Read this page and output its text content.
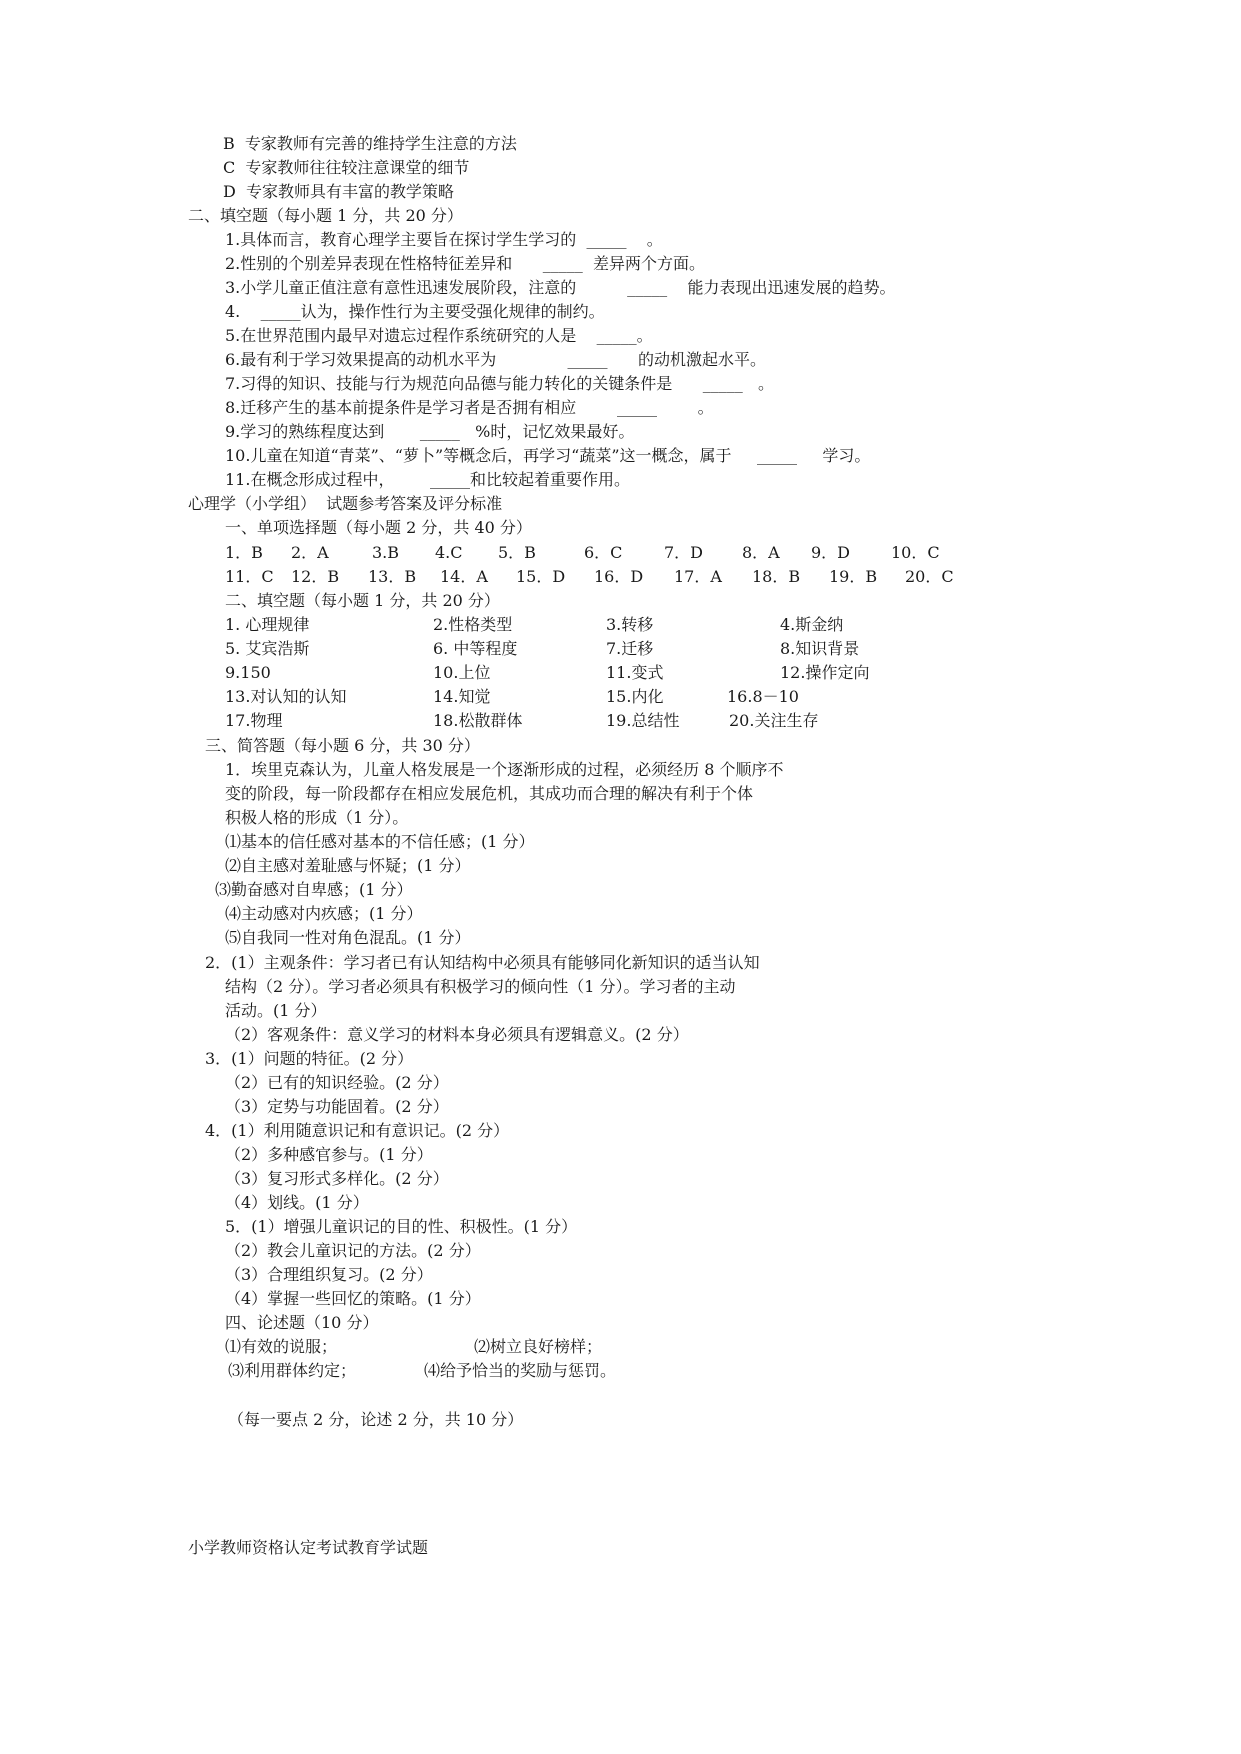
B  专家教师有完善的维持学生注意的方法
C  专家教师往往较注意课堂的细节
D  专家教师具有丰富的教学策略
二、填空题（每小题 1 分，共 20 分）
1.具体而言，教育心理学主要旨在探讨学生学习的  _____    。
2.性别的个别差异表现在性格特征差异和      _____  差异两个方面。
3.小学儿童正值注意有意性迅速发展阶段，注意的          _____    能力表现出迅速发展的趋势。
4.    _____认为，操作性行为主要受强化规律的制约。
5.在世界范围内最早对遗忘过程作系统研究的人是    _____。
6.最有利于学习效果提高的动机水平为              _____      的动机激起水平。
7.习得的知识、技能与行为规范向品德与能力转化的关键条件是      _____   。
8.迁移产生的基本前提条件是学习者是否拥有相应        _____        。
9.学习的熟练程度达到       _____   %时，记忆效果最好。
10.儿童在知道“青菜”、“萝卜”等概念后，再学习“蔬菜”这一概念，属于     _____     学习。
11.在概念形成过程中，       _____和比较起着重要作用。
心理学（小学组）  试题参考答案及评分标准
一、单项选择题（每小题 2 分，共 40 分）
1．B 2．A	3.B 4.C 5．B	6．C	7．D 8．A 9．D	10．C
11．C 12．B 13．B 14．A 15．D 16．D 17．A 18．B 19．B 20．C
二、填空题（每小题 1 分，共 20 分）
1. 心理规律	2.性格类型	3.转移	4.斯金纳
5. 艾宾浩斯	6. 中等程度	7.迁移	8.知识背景
9.150	10.上位	11.变式	12.操作定向
13.对认知的认知	14.知觉	15.内化	16.8－10
17.物理	18.松散群体	19.总结性	20.关注生存
三、简答题（每小题 6 分，共 30 分）
1．埃里克森认为，儿童人格发展是一个逐渐形成的过程，必须经历 8 个顺序不
变的阶段，每一阶段都存在相应发展危机，其成功而合理的解决有利于个体
积极人格的形成（1 分）。
⑴基本的信任感对基本的不信任感；(1 分）
⑵自主感对羞耻感与怀疑；(1 分）
⑶勤奋感对自卑感；(1 分）
⑷主动感对内疚感；(1 分）
⑸自我同一性对角色混乱。(1 分）
2．(1）主观条件：学习者已有认知结构中必须具有能够同化新知识的适当认知
结构（2 分）。学习者必须具有积极学习的倾向性（1 分）。学习者的主动
活动。(1 分）
（2）客观条件：意义学习的材料本身必须具有逻辑意义。(2 分）
3．(1）问题的特征。(2 分）
（2）已有的知识经验。(2 分）
（3）定势与功能固着。(2 分）
4．(1）利用随意识记和有意识记。(2 分）
（2）多种感官参与。(1 分）
（3）复习形式多样化。(2 分）
（4）划线。(1 分）
5．(1）增强儿童识记的目的性、积极性。(1 分）
（2）教会儿童识记的方法。(2 分）
（3）合理组织复习。(2 分）
（4）掌握一些回忆的策略。(1 分）
四、论述题（10 分）
⑴有效的说服；	⑵树立良好榜样；
⑶利用群体约定；	⑷给予恰当的奖励与惩罚。
（每一要点 2 分，论述 2 分，共 10 分）
小学教师资格认定考试教育学试题
